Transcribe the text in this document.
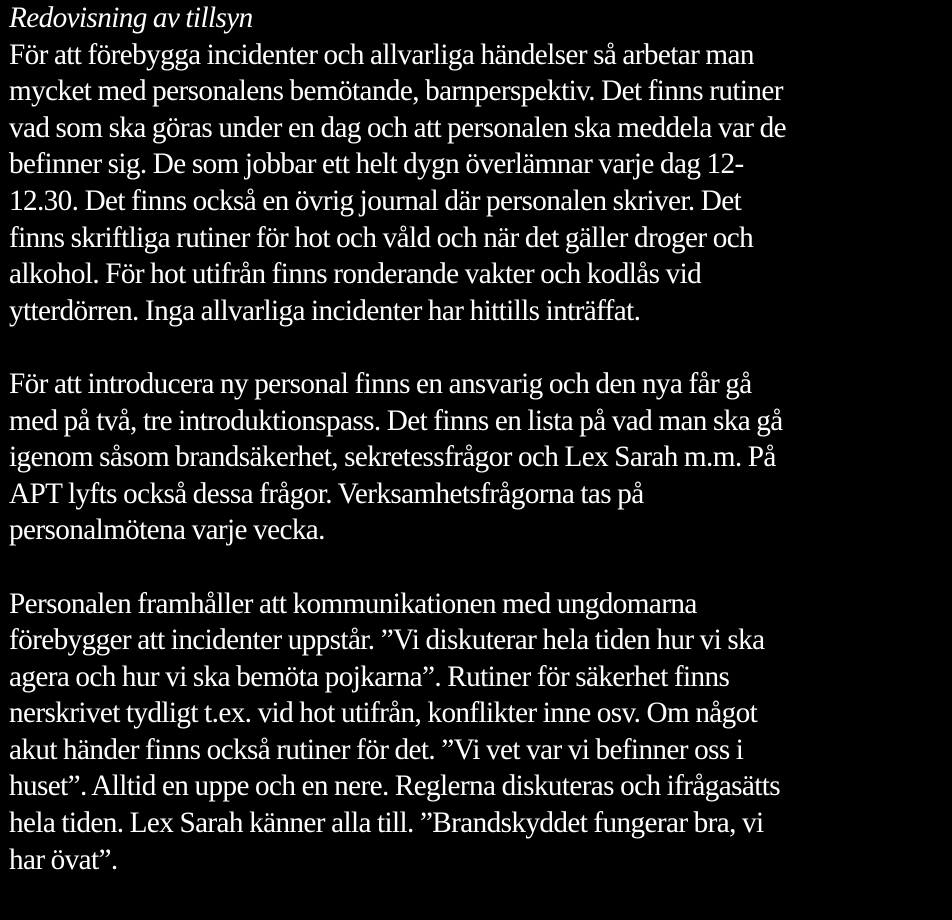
Redovisning av tillsyn
För att förebygga incidenter och allvarliga händelser så arbetar man
mycket med personalens bemötande, barnperspektiv. Det finns rutiner
vad som ska göras under en dag och att personalen ska meddela var de
befinner sig. De som jobbar ett helt dygn överlämnar varje dag 12-
12.30. Det finns också en övrig journal där personalen skriver. Det
finns skriftliga rutiner för hot och våld och när det gäller droger och
alkohol. För hot utifrån finns ronderande vakter och kodlås vid
ytterdörren. Inga allvarliga incidenter har hittills inträffat.
För att introducera ny personal finns en ansvarig och den nya får gå
med på två, tre introduktionspass. Det finns en lista på vad man ska gå
igenom såsom brandsäkerhet, sekretessfrågor och Lex Sarah m.m. På
APT lyfts också dessa frågor. Verksamhetsfrågorna tas på
personalmötena varje vecka.
Personalen framhåller att kommunikationen med ungdomarna
förebygger att incidenter uppstår. ”Vi diskuterar hela tiden hur vi ska
agera och hur vi ska bemöta pojkarna”. Rutiner för säkerhet finns
nerskrivet tydligt t.ex. vid hot utifrån, konflikter inne osv. Om något
akut händer finns också rutiner för det. ”Vi vet var vi befinner oss i
huset”. Alltid en uppe och en nere. Reglerna diskuteras och ifrågasätts
hela tiden. Lex Sarah känner alla till. ”Brandskyddet fungerar bra, vi
har övat”.
